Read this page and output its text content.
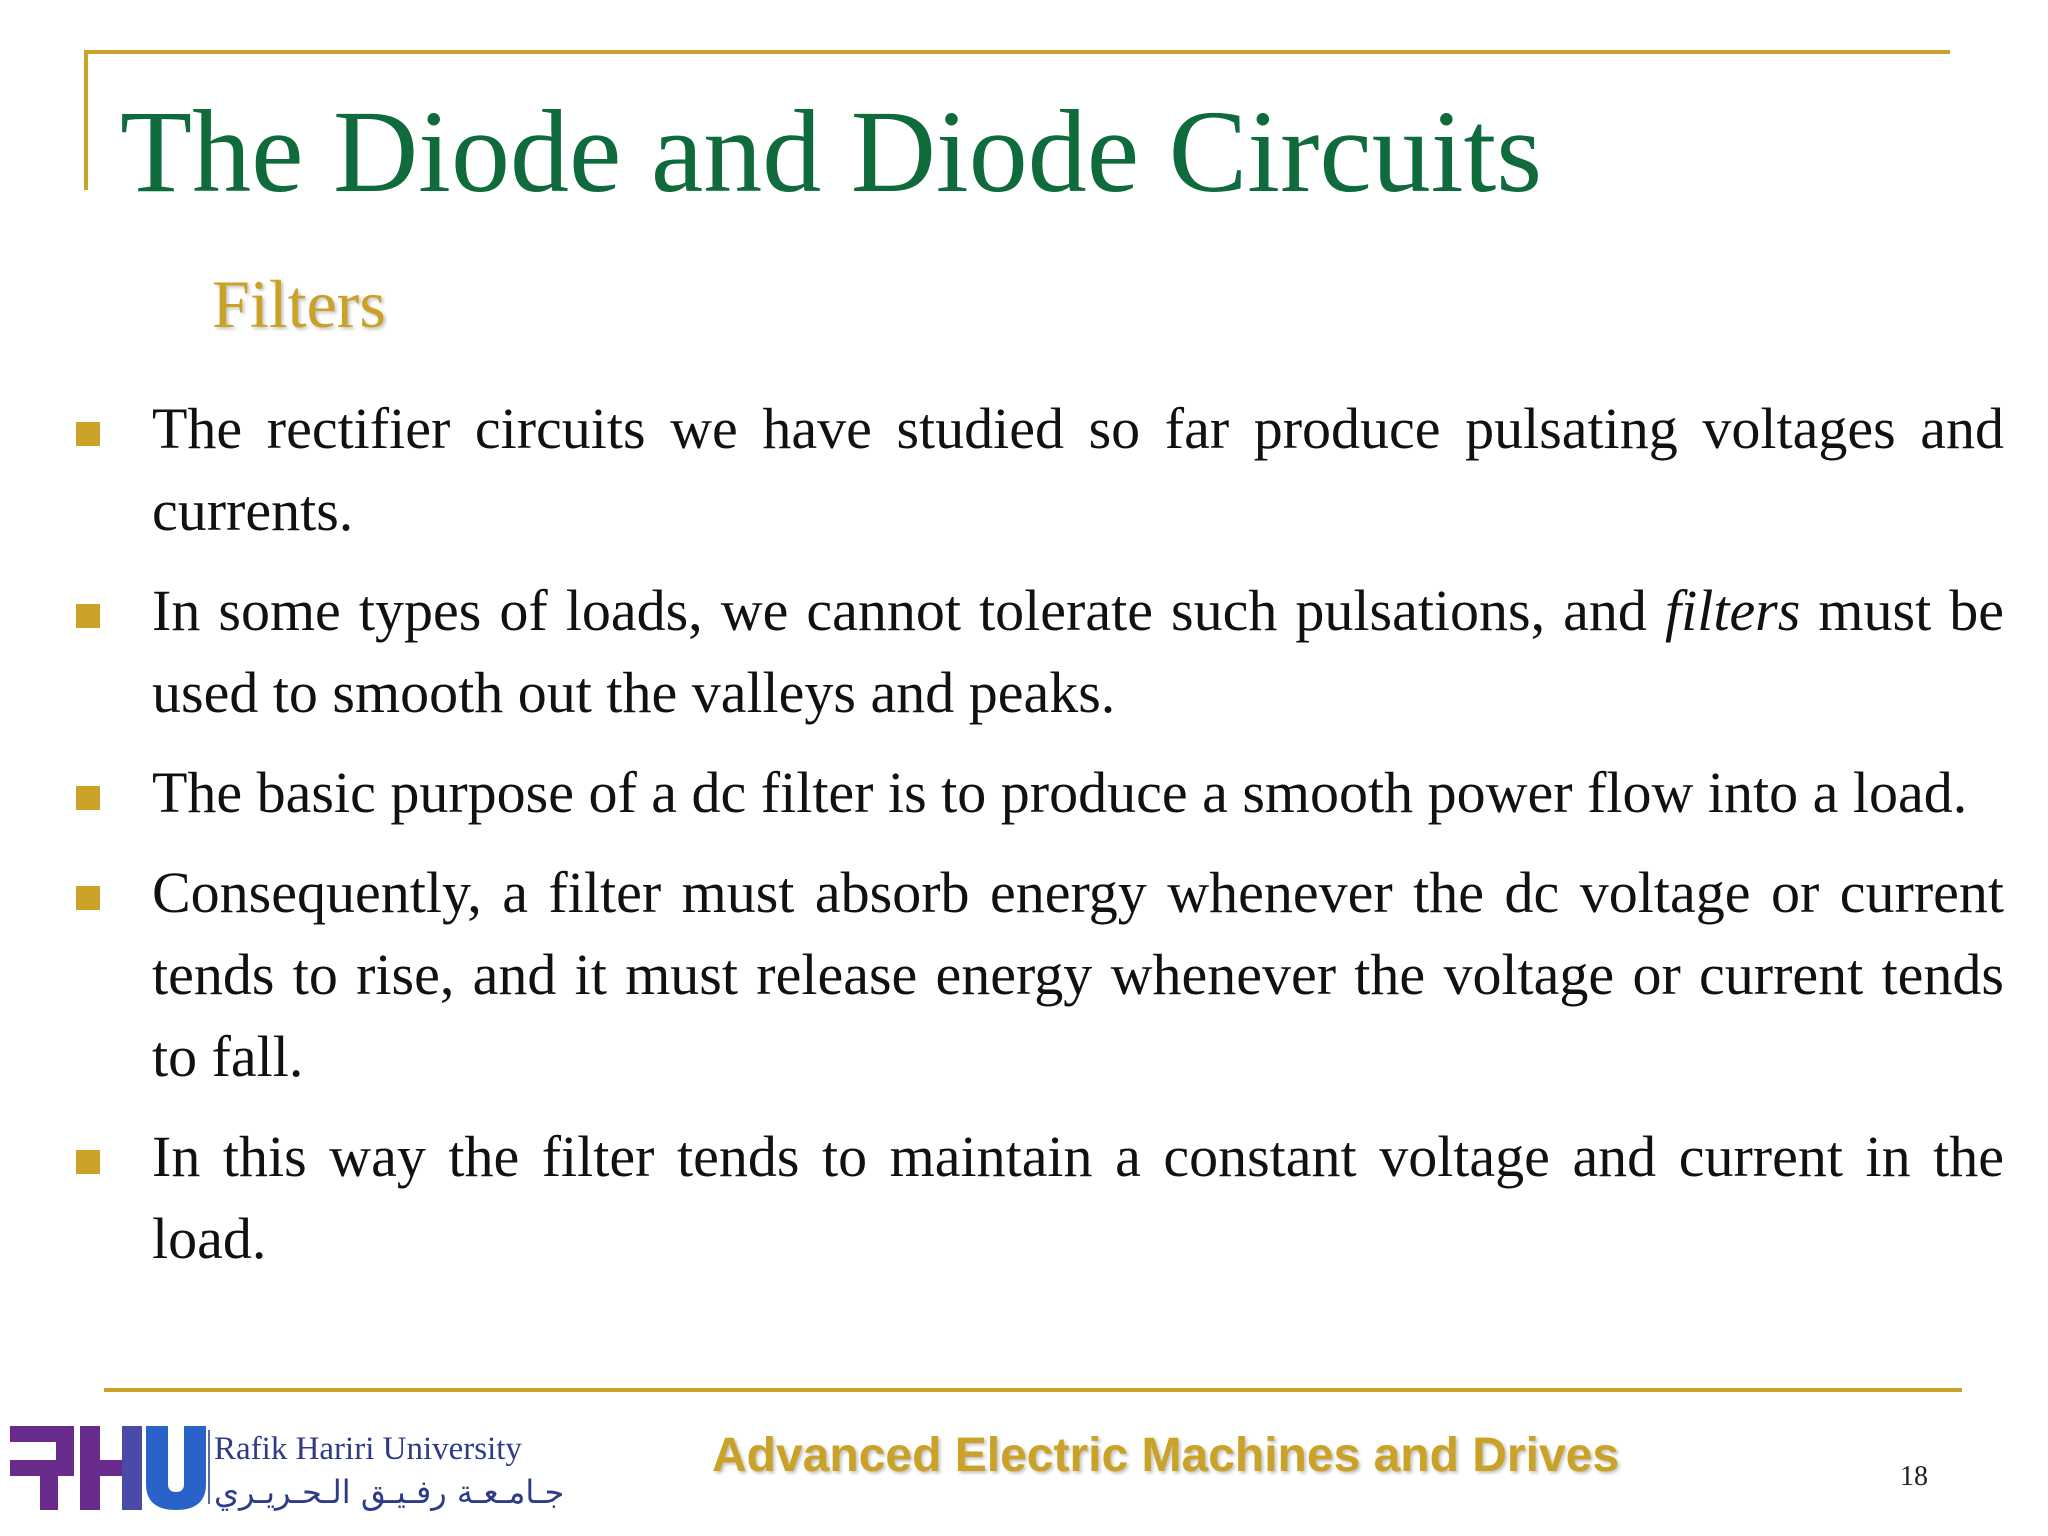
The Diode and Diode Circuits
Filters
The rectifier circuits we have studied so far produce pulsating voltages and currents.
In some types of loads, we cannot tolerate such pulsations, and filters must be used to smooth out the valleys and peaks.
The basic purpose of a dc filter is to produce a smooth power flow into a load.
Consequently, a filter must absorb energy whenever the dc voltage or current tends to rise, and it must release energy whenever the voltage or current tends to fall.
In this way the filter tends to maintain a constant voltage and current in the load.
Rafik Hariri University
جـامـعـة رفـيـق الـحـريـري
Advanced Electric Machines and Drives	18
